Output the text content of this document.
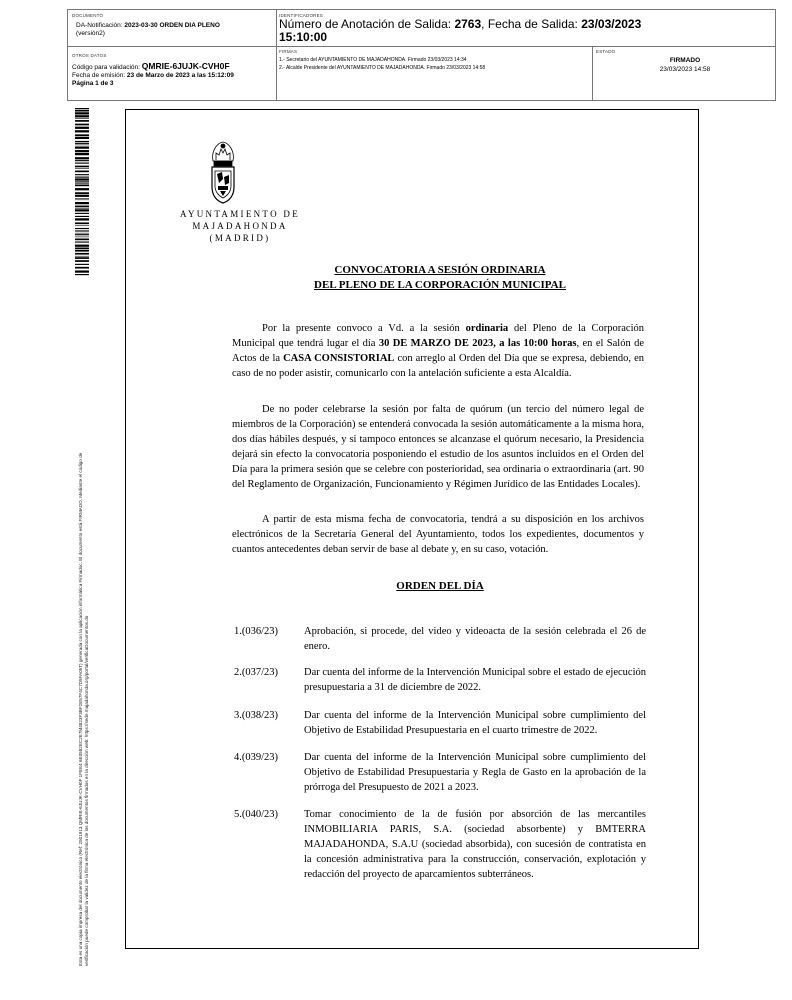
DOCUMENTO
DA-Notificación: 2023-03-30 ORDEN DIA PLENO
(versión2)
IDENTIFICADORES
Número de Anotación de Salida: 2763, Fecha de Salida: 23/03/2023
15:10:00
OTROS DATOS
Código para validación: QMRIE-6JUJK-CVH0F
Fecha de emisión: 23 de Marzo de 2023 a las 15:12:09
Página 1 de 3
FIRMAS
1.- Secretario del AYUNTAMIENTO DE MAJADAHONDA. Firmado 23/03/2023 14:34
2.- Alcalde Presidente del AYUNTAMIENTO DE MAJADAHONDA. Firmado 23/03/2023 14:58
ESTADO
FIRMADO
23/03/2023 14:58
Esta es una copia impresa del documento electrónico (Ref: 2501913 QMRIE-6JUJK-CVH0F 1FEE4 6E0582EC2E7M4823F3BF2E57F4C7D5FA05T) generada con la aplicación informática Firmadoc. El documento está FIRMADO. Mediante el código de verificación puede comprobar la validez de la firma electrónica de los documentos firmados en la dirección web: https://sede.majadahonda.org/portal/verificaDocumentos.do
AYUNTAMIENTO DE
MAJADAHONDA
(MADRID)
CONVOCATORIA A SESIÓN ORDINARIA
DEL PLENO DE LA CORPORACIÓN MUNICIPAL
Por la presente convoco a Vd. a la sesión ordinaria del Pleno de la Corporación Municipal que tendrá lugar el día 30 DE MARZO DE 2023, a las 10:00 horas, en el Salón de Actos de la CASA CONSISTORIAL con arreglo al Orden del Día que se expresa, debiendo, en caso de no poder asistir, comunicarlo con la antelación suficiente a esta Alcaldía.
De no poder celebrarse la sesión por falta de quórum (un tercio del número legal de miembros de la Corporación) se entenderá convocada la sesión automáticamente a la misma hora, dos días hábiles después, y si tampoco entonces se alcanzase el quórum necesario, la Presidencia dejará sin efecto la convocatoria posponiendo el estudio de los asuntos incluidos en el Orden del Día para la primera sesión que se celebre con posterioridad, sea ordinaria o extraordinaria (art. 90 del Reglamento de Organización, Funcionamiento y Régimen Jurídico de las Entidades Locales).
A partir de esta misma fecha de convocatoria, tendrá a su disposición en los archivos electrónicos de la Secretaría General del Ayuntamiento, todos los expedientes, documentos y cuantos antecedentes deban servir de base al debate y, en su caso, votación.
ORDEN DEL DÍA
1.(036/23) Aprobación, si procede, del video y videoacta de la sesión celebrada el 26 de enero.
2.(037/23) Dar cuenta del informe de la Intervención Municipal sobre el estado de ejecución presupuestaria a 31 de diciembre de 2022.
3.(038/23) Dar cuenta del informe de la Intervención Municipal sobre cumplimiento del Objetivo de Estabilidad Presupuestaria en el cuarto trimestre de 2022.
4.(039/23) Dar cuenta del informe de la Intervención Municipal sobre cumplimiento del Objetivo de Estabilidad Presupuestaria y Regla de Gasto en la aprobación de la prórroga del Presupuesto de 2021 a 2023.
5.(040/23) Tomar conocimiento de la de fusión por absorción de las mercantiles INMOBILIARIA PARIS, S.A. (sociedad absorbente) y BMTERRA MAJADAHONDA, S.A.U (sociedad absorbida), con sucesión de contratista en la concesión administrativa para la construcción, conservación, explotación y redacción del proyecto de aparcamientos subterráneos.
